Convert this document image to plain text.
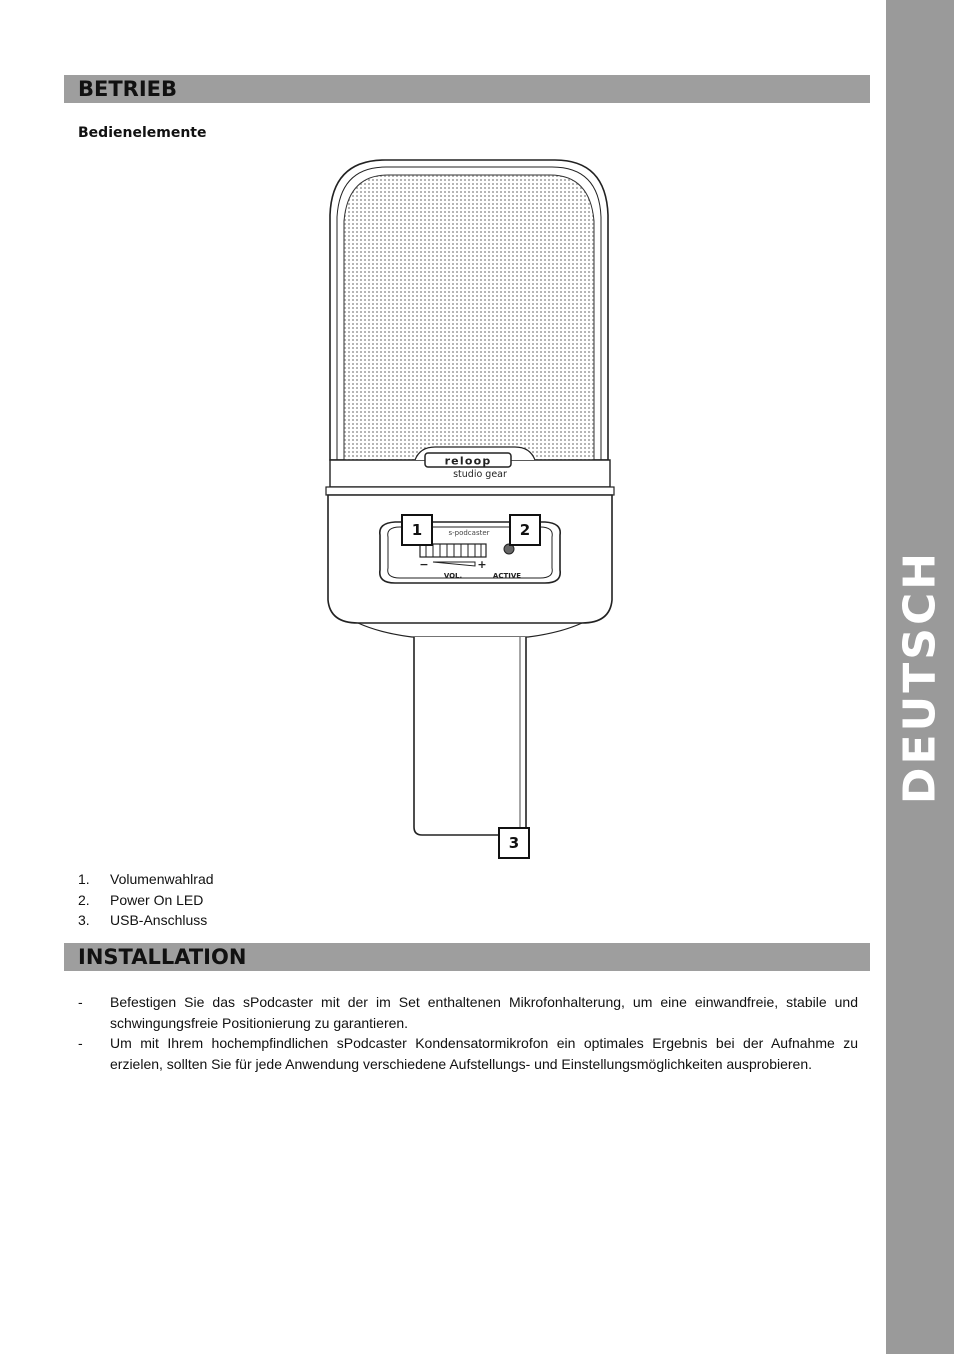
DEUTSCH
BETRIEB
Bedienelemente
reloop
studio gear
s-podcaster
−	+
VOL.	ACTIVE
1	2
3
1. Volumenwahlrad
2. Power On LED
3. USB-Anschluss
INSTALLATION
- Befestigen Sie das sPodcaster mit der im Set enthaltenen Mikrofonhalterung, um eine einwandfreie, stabile und schwingungsfreie Positionierung zu garantieren.
- Um mit Ihrem hochempfindlichen sPodcaster Kondensatormikrofon ein optimales Ergebnis bei der Aufnahme zu erzielen, sollten Sie für jede Anwendung verschiedene Aufstellungs- und Einstellungsmöglichkeiten ausprobieren.
